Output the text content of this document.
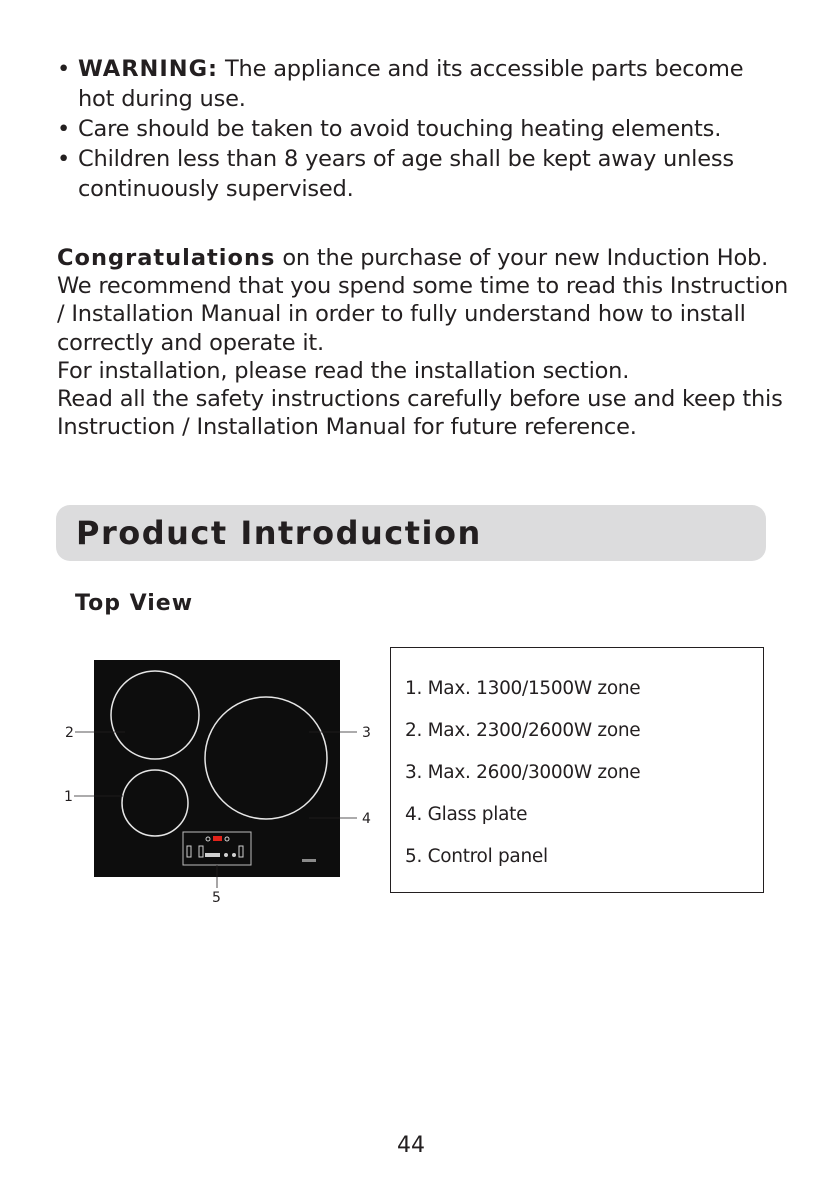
• WARNING: The appliance and its accessible parts become hot during use.
• Care should be taken to avoid touching heating elements.
• Children less than 8 years of age shall be kept away unless continuously supervised.

Congratulations on the purchase of your new Induction Hob. We recommend that you spend some time to read this Instruction / Installation Manual in order to fully understand how to install correctly and operate it.

For installation, please read the installation section.

Read all the safety instructions carefully before use and keep this Instruction / Installation Manual for future reference.

Product Introduction
Top View
2
1
3
4
5
1. Max. 1300/1500W zone
2. Max. 2300/2600W zone
3. Max. 2600/3000W zone
4. Glass plate
5. Control panel
44
